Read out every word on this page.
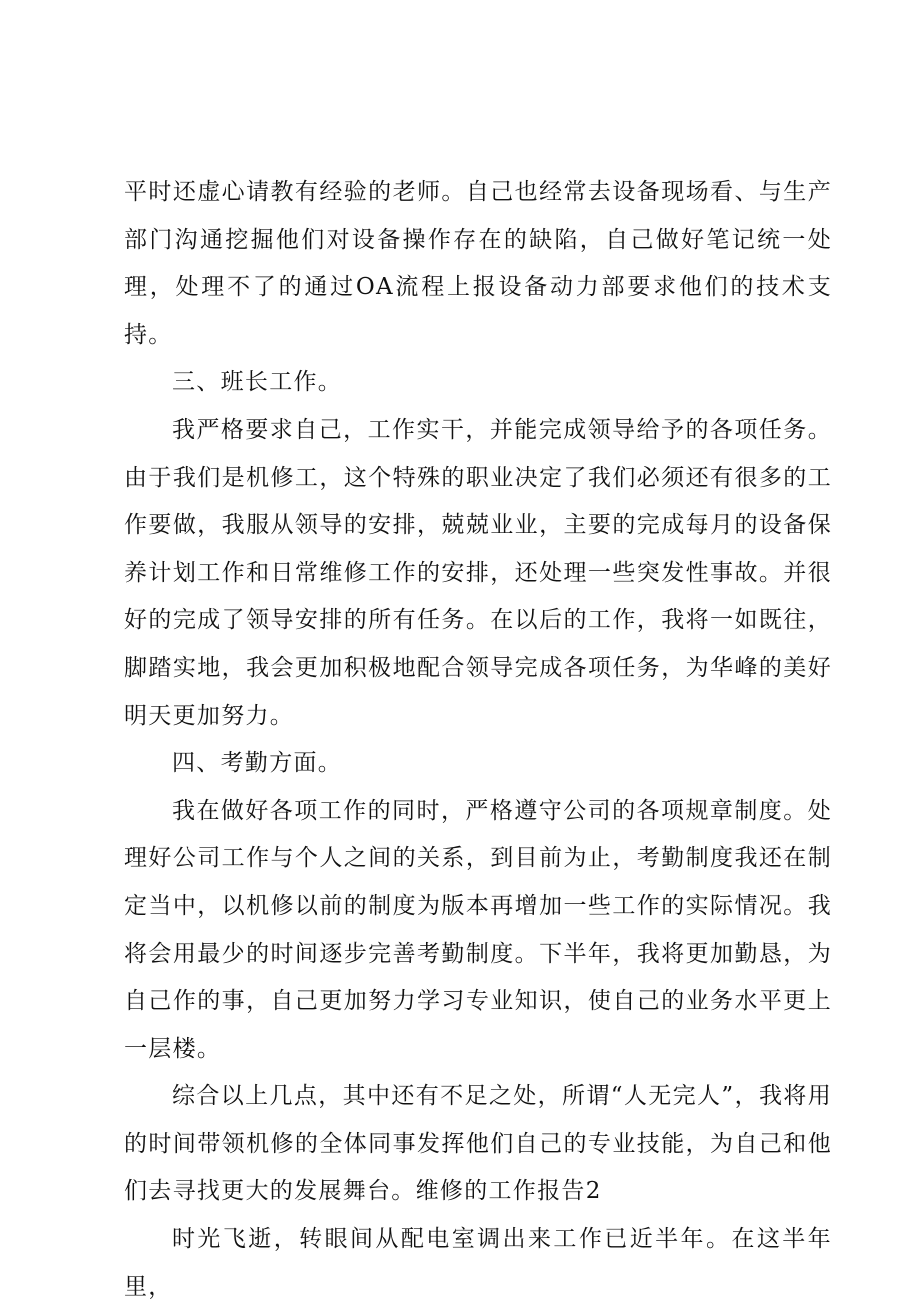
平时还虚心请教有经验的老师。自己也经常去设备现场看、与生产部门沟通挖掘他们对设备操作存在的缺陷，自己做好笔记统一处理，处理不了的通过OA流程上报设备动力部要求他们的技术支持。

三、班长工作。

我严格要求自己，工作实干，并能完成领导给予的各项任务。由于我们是机修工，这个特殊的职业决定了我们必须还有很多的工作要做，我服从领导的安排，兢兢业业，主要的完成每月的设备保养计划工作和日常维修工作的安排，还处理一些突发性事故。并很好的完成了领导安排的所有任务。在以后的工作，我将一如既往，脚踏实地，我会更加积极地配合领导完成各项任务，为华峰的美好明天更加努力。

四、考勤方面。

我在做好各项工作的同时，严格遵守公司的各项规章制度。处理好公司工作与个人之间的关系，到目前为止，考勤制度我还在制定当中，以机修以前的制度为版本再增加一些工作的实际情况。我将会用最少的时间逐步完善考勤制度。下半年，我将更加勤恳，为自己作的事，自己更加努力学习专业知识，使自己的业务水平更上一层楼。

综合以上几点，其中还有不足之处，所谓“人无完人”，我将用的时间带领机修的全体同事发挥他们自己的专业技能，为自己和他们去寻找更大的发展舞台。维修的工作报告2

时光飞逝，转眼间从配电室调出来工作已近半年。在这半年里，
